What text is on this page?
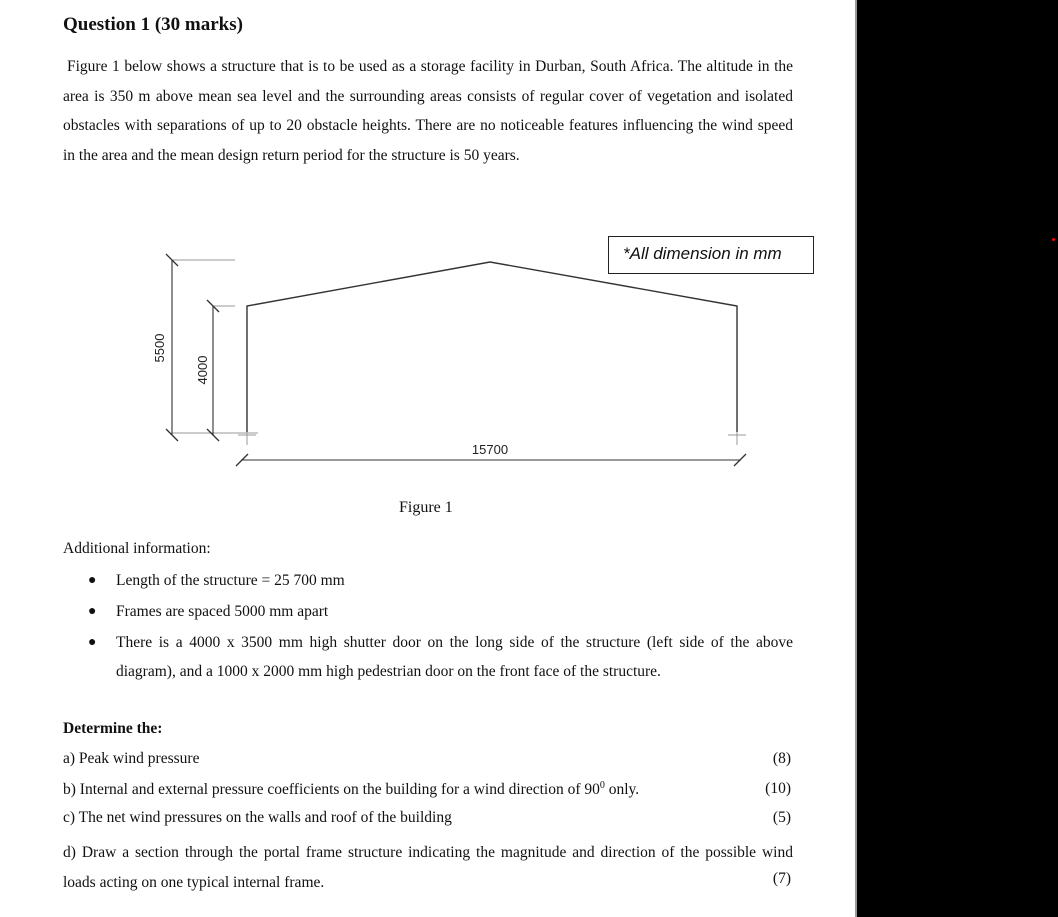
Question 1 (30 marks)

Figure 1 below shows a structure that is to be used as a storage facility in Durban, South Africa. The altitude in the area is 350 m above mean sea level and the surrounding areas consists of regular cover of vegetation and isolated obstacles with separations of up to 20 obstacle heights. There are no noticeable features influencing the wind speed in the area and the mean design return period for the structure is 50 years.

5500
4000
15700
*All dimension in mm
Figure 1
Additional information:
● Length of the structure = 25 700 mm
● Frames are spaced 5000 mm apart
● There is a 4000 x 3500 mm high shutter door on the long side of the structure (left side of the above diagram), and a 1000 x 2000 mm high pedestrian door on the front face of the structure.
Determine the:
a) Peak wind pressure	(8)
b) Internal and external pressure coefficients on the building for a wind direction of $90^0$ only.	(10)
c) The net wind pressures on the walls and roof of the building	(5)
d) Draw a section through the portal frame structure indicating the magnitude and direction of the possible wind loads acting on one typical internal frame.	(7)
